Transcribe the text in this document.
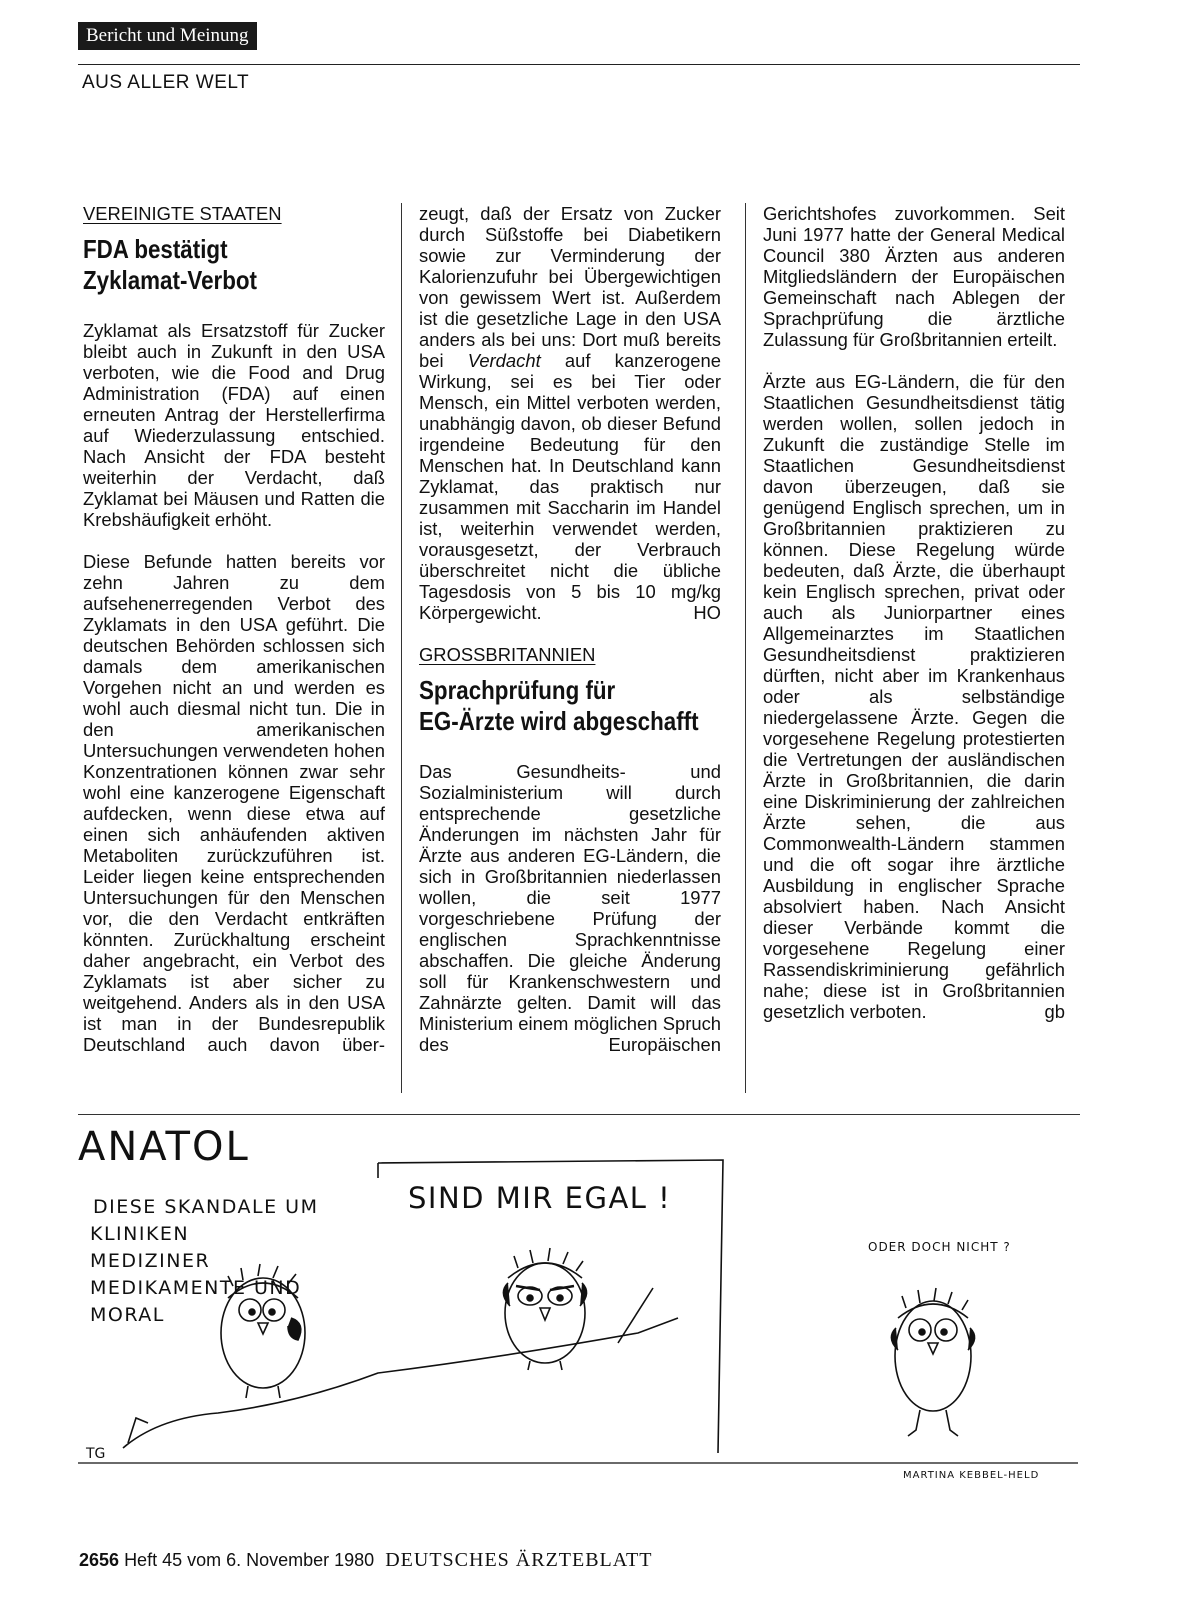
Bericht und Meinung
AUS ALLER WELT
VEREINIGTE STAATEN
FDA bestätigt
Zyklamat-Verbot

Zyklamat als Ersatzstoff für Zucker bleibt auch in Zukunft in den USA verboten, wie die Food and Drug Administration (FDA) auf einen erneuten Antrag der Herstellerfirma auf Wiederzulassung entschied. Nach Ansicht der FDA besteht weiterhin der Verdacht, daß Zyklamat bei Mäusen und Ratten die Krebshäufigkeit erhöht.

Diese Befunde hatten bereits vor zehn Jahren zu dem aufsehenerregenden Verbot des Zyklamats in den USA geführt. Die deutschen Behörden schlossen sich damals dem amerikanischen Vorgehen nicht an und werden es wohl auch diesmal nicht tun. Die in den amerikanischen Untersuchungen verwendeten hohen Konzentrationen können zwar sehr wohl eine kanzerogene Eigenschaft aufdecken, wenn diese etwa auf einen sich anhäufenden aktiven Metaboliten zurückzuführen ist. Leider liegen keine entsprechenden Untersuchungen für den Menschen vor, die den Verdacht entkräften könnten. Zurückhaltung erscheint daher angebracht, ein Verbot des Zyklamats ist aber sicher zu weitgehend. Anders als in den USA ist man in der Bundesrepublik Deutschland auch davon über-

zeugt, daß der Ersatz von Zucker durch Süßstoffe bei Diabetikern sowie zur Verminderung der Kalorienzufuhr bei Übergewichtigen von gewissem Wert ist. Außerdem ist die gesetzliche Lage in den USA anders als bei uns: Dort muß bereits bei Verdacht auf kanzerogene Wirkung, sei es bei Tier oder Mensch, ein Mittel verboten werden, unabhängig davon, ob dieser Befund irgendeine Bedeutung für den Menschen hat. In Deutschland kann Zyklamat, das praktisch nur zusammen mit Saccharin im Handel ist, weiterhin verwendet werden, vorausgesetzt, der Verbrauch überschreitet nicht die übliche Tagesdosis von 5 bis 10 mg/kg Körpergewicht.	HO
GROSSBRITANNIEN
Sprachprüfung für
EG-Ärzte wird abgeschafft

Das Gesundheits- und Sozialministerium will durch entsprechende gesetzliche Änderungen im nächsten Jahr für Ärzte aus anderen EG-Ländern, die sich in Großbritannien niederlassen wollen, die seit 1977 vorgeschriebene Prüfung der englischen Sprachkenntnisse abschaffen. Die gleiche Änderung soll für Krankenschwestern und Zahnärzte gelten. Damit will das Ministerium einem möglichen Spruch des Europäischen

Gerichtshofes zuvorkommen. Seit Juni 1977 hatte der General Medical Council 380 Ärzten aus anderen Mitgliedsländern der Europäischen Gemeinschaft nach Ablegen der Sprachprüfung die ärztliche Zulassung für Großbritannien erteilt.

Ärzte aus EG-Ländern, die für den Staatlichen Gesundheitsdienst tätig werden wollen, sollen jedoch in Zukunft die zuständige Stelle im Staatlichen Gesundheitsdienst davon überzeugen, daß sie genügend Englisch sprechen, um in Großbritannien praktizieren zu können. Diese Regelung würde bedeuten, daß Ärzte, die überhaupt kein Englisch sprechen, privat oder auch als Juniorpartner eines Allgemeinarztes im Staatlichen Gesundheitsdienst praktizieren dürften, nicht aber im Krankenhaus oder als selbständige niedergelassene Ärzte. Gegen die vorgesehene Regelung protestierten die Vertretungen der ausländischen Ärzte in Großbritannien, die darin eine Diskriminierung der zahlreichen Ärzte sehen, die aus Commonwealth-Ländern stammen und die oft sogar ihre ärztliche Ausbildung in englischer Sprache absolviert haben. Nach Ansicht dieser Verbände kommt die vorgesehene Regelung einer Rassendiskriminierung gefährlich nahe; diese ist in Großbritannien gesetzlich verboten.	gb
ANATOL
DIESE SKANDALE UM
KLINIKEN
MEDIZINER
MEDIKAMENTE UND
MORAL
SIND MIR EGAL !
ODER DOCH NICHT ?
TG
MARTINA KEBBEL-HELD
2656 Heft 45 vom 6. November 1980 DEUTSCHES ÄRZTEBLATT
